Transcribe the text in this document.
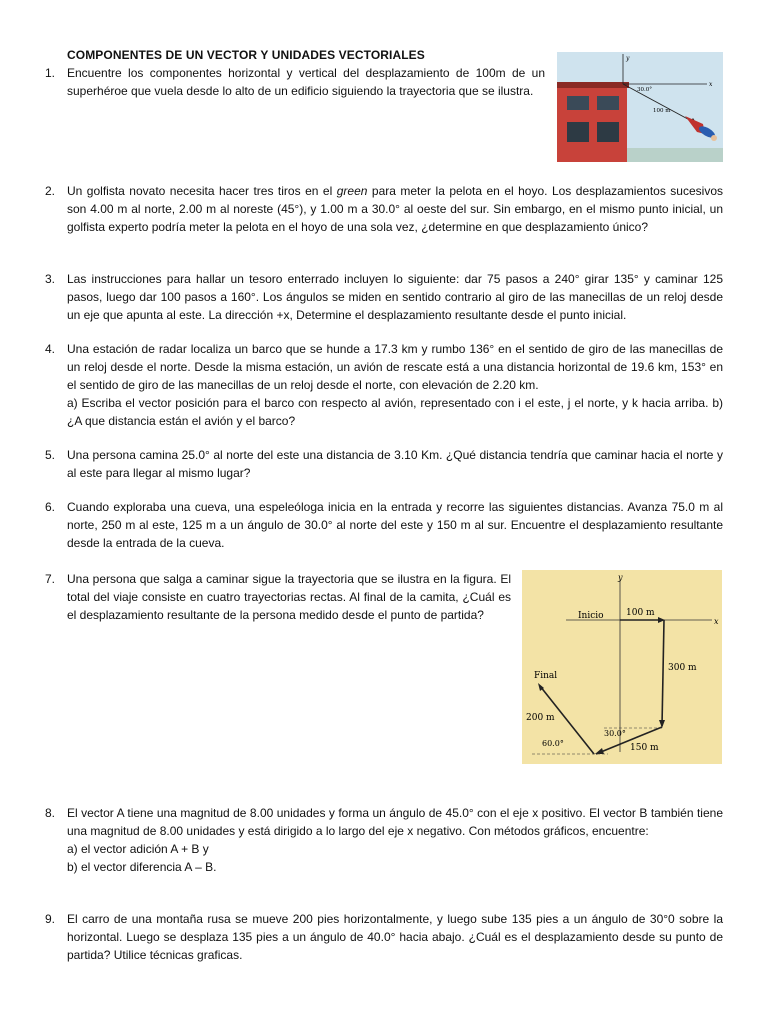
COMPONENTES DE UN VECTOR Y UNIDADES VECTORIALES
1. Encuentre los componentes horizontal y vertical del desplazamiento de 100m de un superhéroe que vuela desde lo alto de un edificio siguiendo la trayectoria que se ilustra.

y
x
30.0°
100 m
2. Un golfista novato necesita hacer tres tiros en el green para meter la pelota en el hoyo. Los desplazamientos sucesivos son 4.00 m al norte, 2.00 m al noreste (45°), y 1.00 m a 30.0° al oeste del sur. Sin embargo, en el mismo punto inicial, un golfista experto podría meter la pelota en el hoyo de una sola vez, ¿determine en que desplazamiento único?

3. Las instrucciones para hallar un tesoro enterrado incluyen lo siguiente: dar 75 pasos a 240° girar 135° y caminar 125 pasos, luego dar 100 pasos a 160°. Los ángulos se miden en sentido contrario al giro de las manecillas de un reloj desde un eje que apunta al este. La dirección +x, Determine el desplazamiento resultante desde el punto inicial.

4. Una estación de radar localiza un barco que se hunde a 17.3 km y rumbo 136° en el sentido de giro de las manecillas de un reloj desde el norte. Desde la misma estación, un avión de rescate está a una distancia horizontal de 19.6 km, 153° en el sentido de giro de las manecillas de un reloj desde el norte, con elevación de 2.20 km.

a) Escriba el vector posición para el barco con respecto al avión, representado con i el este, j el norte, y k hacia arriba. b) ¿A que distancia están el avión y el barco?

5. Una persona camina 25.0° al norte del este una distancia de 3.10 Km. ¿Qué distancia tendría que caminar hacia el norte y al este para llegar al mismo lugar?

6. Cuando exploraba una cueva, una espeleóloga inicia en la entrada y recorre las siguientes distancias. Avanza 75.0 m al norte, 250 m al este, 125 m a un ángulo de 30.0° al norte del este y 150 m al sur. Encuentre el desplazamiento resultante desde la entrada de la cueva.

7. Una persona que salga a caminar sigue la trayectoria que se ilustra en la figura. El total del viaje consiste en cuatro trayectorias rectas. Al final de la camita, ¿Cuál es el desplazamiento resultante de la persona medido desde el punto de partida?

y
x
Inicio 100 m
300 m
150 m
30.0°
Final
200 m
60.0°
8. El vector A tiene una magnitud de 8.00 unidades y forma un ángulo de 45.0° con el eje x positivo. El vector B también tiene una magnitud de 8.00 unidades y está dirigido a lo largo del eje x negativo. Con métodos gráficos, encuentre:

a) el vector adición A + B y

b) el vector diferencia A – B.

9. El carro de una montaña rusa se mueve 200 pies horizontalmente, y luego sube 135 pies a un ángulo de 30°0 sobre la horizontal. Luego se desplaza 135 pies a un ángulo de 40.0° hacia abajo. ¿Cuál es el desplazamiento desde su punto de partida? Utilice técnicas graficas.
